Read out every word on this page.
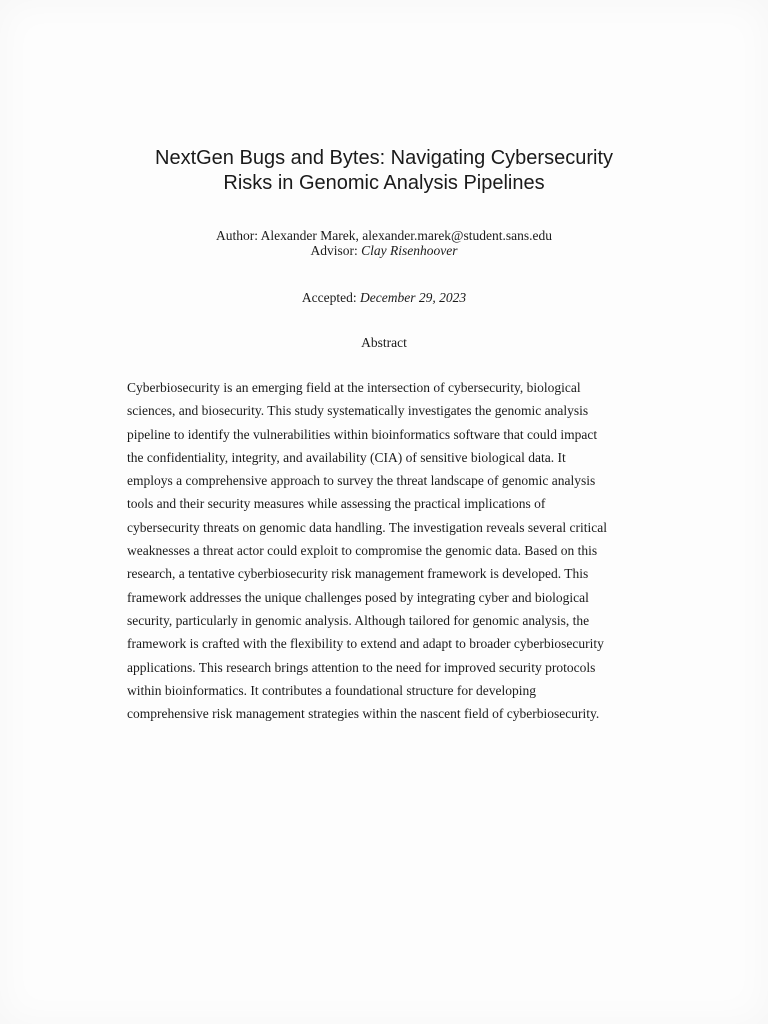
NextGen Bugs and Bytes: Navigating Cybersecurity
Risks in Genomic Analysis Pipelines
Author: Alexander Marek, alexander.marek@student.sans.edu
Advisor: Clay Risenhoover
Accepted: December 29, 2023
Abstract
Cyberbiosecurity is an emerging field at the intersection of cybersecurity, biological
sciences, and biosecurity. This study systematically investigates the genomic analysis
pipeline to identify the vulnerabilities within bioinformatics software that could impact
the confidentiality, integrity, and availability (CIA) of sensitive biological data. It
employs a comprehensive approach to survey the threat landscape of genomic analysis
tools and their security measures while assessing the practical implications of
cybersecurity threats on genomic data handling. The investigation reveals several critical
weaknesses a threat actor could exploit to compromise the genomic data. Based on this
research, a tentative cyberbiosecurity risk management framework is developed. This
framework addresses the unique challenges posed by integrating cyber and biological
security, particularly in genomic analysis. Although tailored for genomic analysis, the
framework is crafted with the flexibility to extend and adapt to broader cyberbiosecurity
applications. This research brings attention to the need for improved security protocols
within bioinformatics. It contributes a foundational structure for developing
comprehensive risk management strategies within the nascent field of cyberbiosecurity.
